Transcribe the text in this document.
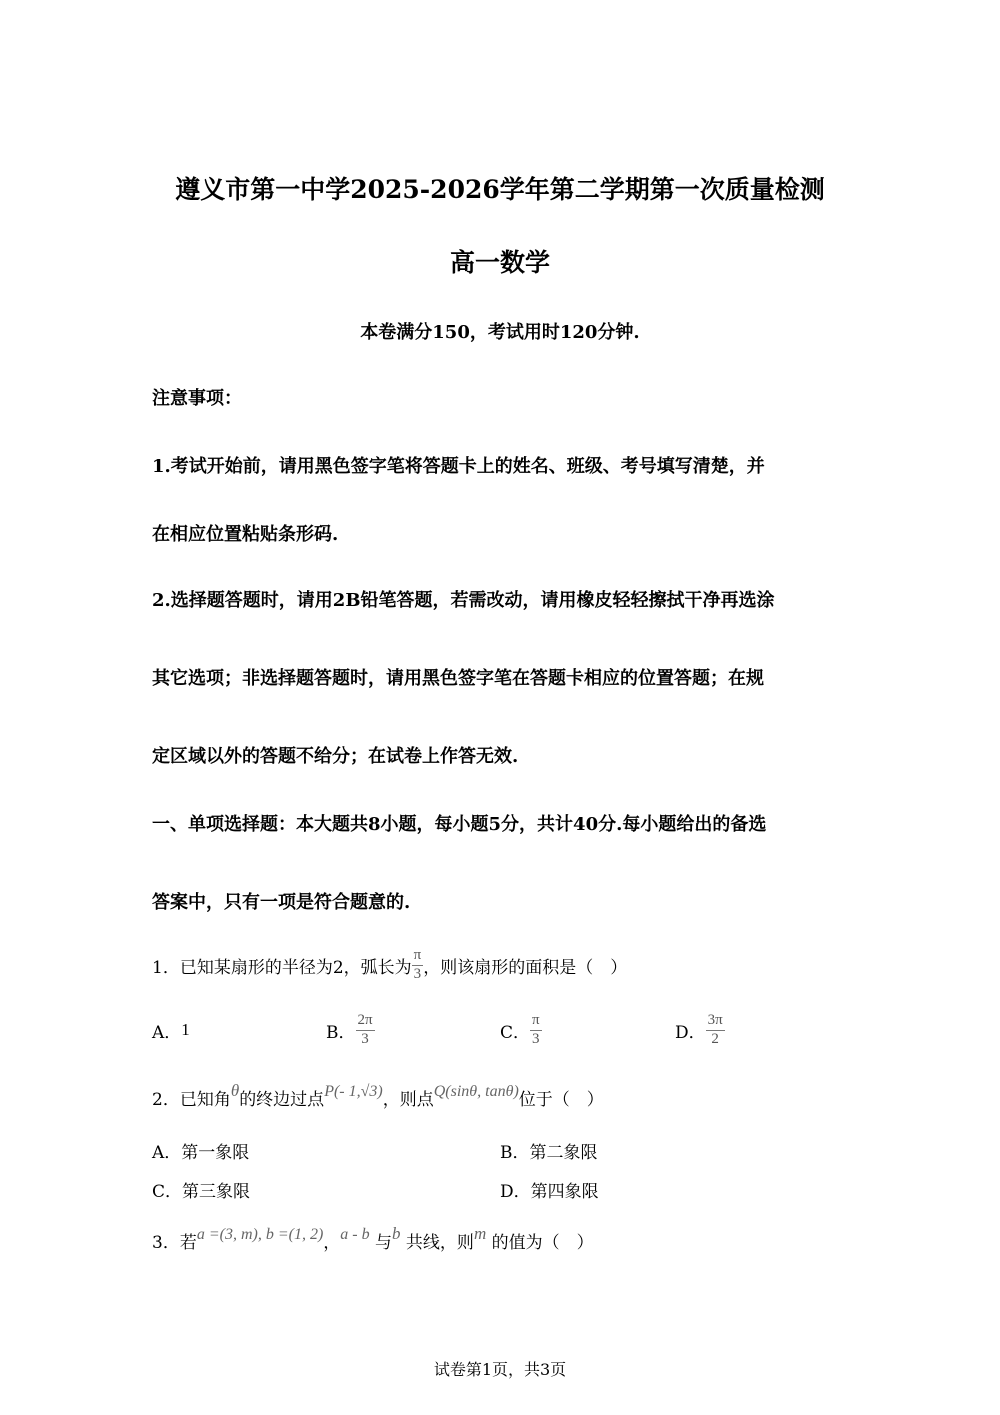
遵义市第一中学2025-2026学年第二学期第一次质量检测
高一数学
本卷满分150，考试用时120分钟.
注意事项：
1.考试开始前，请用黑色签字笔将答题卡上的姓名、班级、考号填写清楚，并
在相应位置粘贴条形码.
2.选择题答题时，请用2B铅笔答题，若需改动，请用橡皮轻轻擦拭干净再选涂
其它选项；非选择题答题时，请用黑色签字笔在答题卡相应的位置答题；在规
定区域以外的答题不给分；在试卷上作答无效.
一、单项选择题：本大题共8小题，每小题5分，共计40分.每小题给出的备选
答案中，只有一项是符合题意的.
1．已知某扇形的半径为2，弧长为 $\frac{\pi}{3}$ ，则该扇形的面积是（　）
A． 1	B． $\frac{2\pi}{3}$	C． $\frac{\pi}{3}$	D． $\frac{3\pi}{2}$
2．已知角θ的终边过点P(- 1,√3)，则点Q(sinθ, tanθ)位于（　）
A．第一象限	B．第二象限
C．第三象限	D．第四象限
3．若a =(3, m), b =(1, 2)，a - b 与b 共线，则m 的值为（　）
试卷第1页，共3页
